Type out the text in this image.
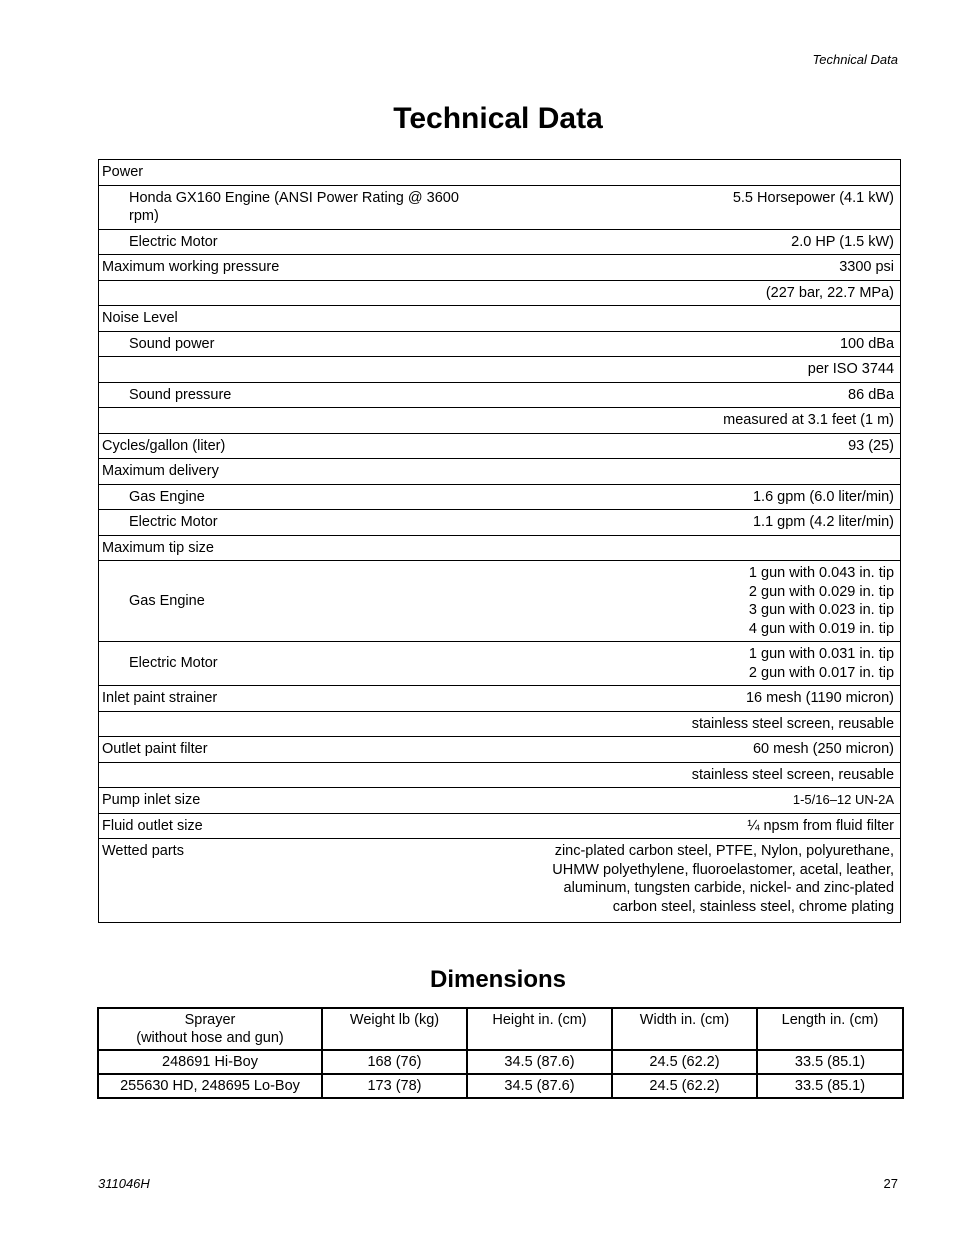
Technical Data
Technical Data
Power	
Honda GX160 Engine (ANSI Power Rating @ 3600 rpm)	5.5 Horsepower (4.1 kW)
Electric Motor	2.0 HP (1.5 kW)
Maximum working pressure	3300 psi
	(227 bar, 22.7 MPa)
Noise Level	
Sound power	100 dBa
	per ISO 3744
Sound pressure	86 dBa
	measured at 3.1 feet (1 m)
Cycles/gallon (liter)	93 (25)
Maximum delivery	
Gas Engine	1.6 gpm (6.0 liter/min)
Electric Motor	1.1 gpm (4.2 liter/min)
Maximum tip size	
Gas Engine	1 gun with 0.043 in. tip
2 gun with 0.029 in. tip
3 gun with 0.023 in. tip
4 gun with 0.019 in. tip

Electric Motor	1 gun with 0.031 in. tip
2 gun with 0.017 in. tip

Inlet paint strainer	16 mesh (1190 micron)
	stainless steel screen, reusable
Outlet paint filter	60 mesh (250 micron)
	stainless steel screen, reusable
Pump inlet size	1-5/16–12 UN-2A
Fluid outlet size	¼ npsm from fluid filter
Wetted parts	zinc-plated carbon steel, PTFE, Nylon, polyurethane,
UHMW polyethylene, fluoroelastomer, acetal, leather,
aluminum, tungsten carbide, nickel- and zinc-plated
carbon steel, stainless steel, chrome plating
Dimensions
Sprayer
(without hose and gun)	Weight lb (kg)	Height in. (cm)	Width in. (cm)	Length in. (cm)
248691 Hi-Boy	168 (76)	34.5 (87.6)	24.5 (62.2)	33.5 (85.1)
255630 HD, 248695 Lo-Boy	173 (78)	34.5 (87.6)	24.5 (62.2)	33.5 (85.1)
311046H	27
